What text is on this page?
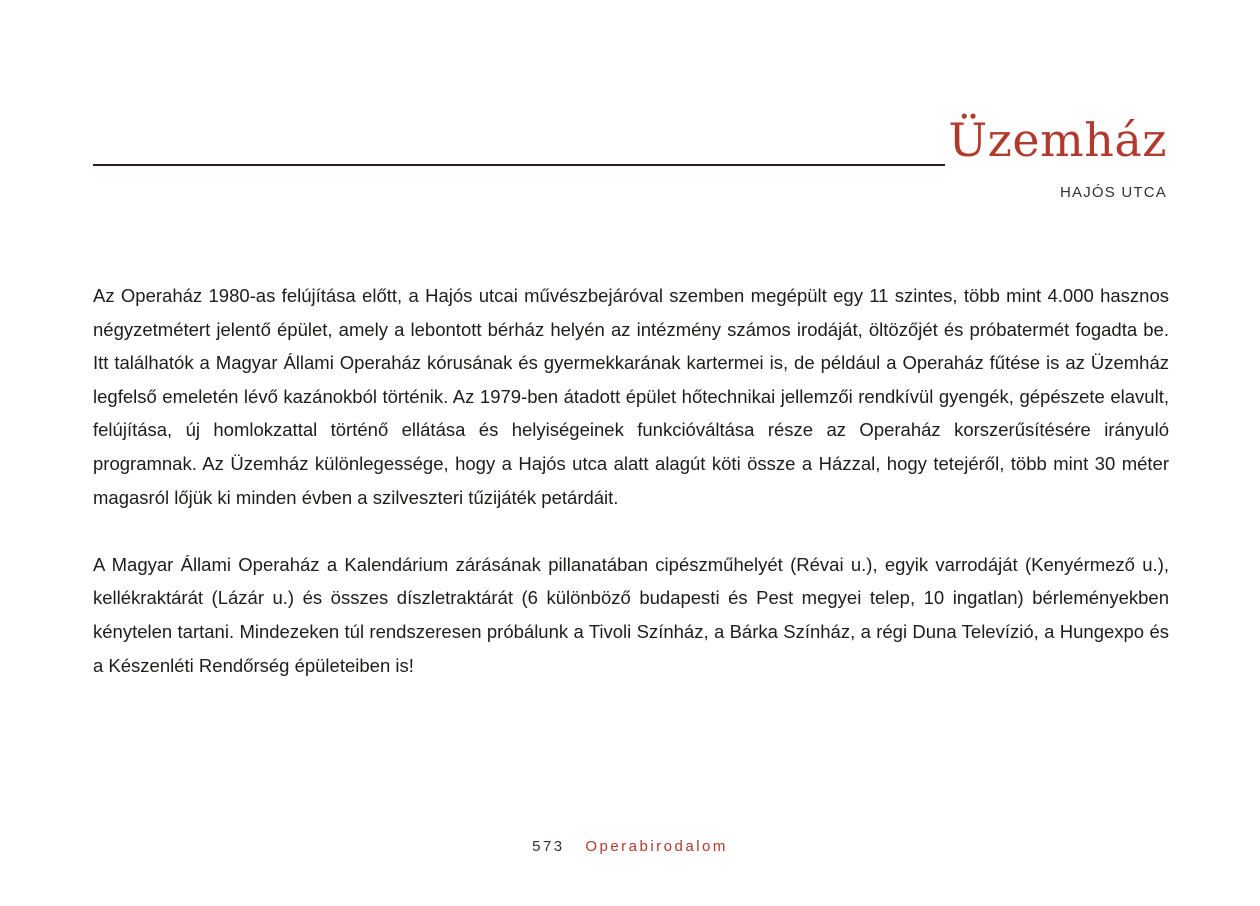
Üzemház
HAJÓS UTCA

Az Operaház 1980-as felújítása előtt, a Hajós utcai művészbejáróval szemben megépült egy 11 szintes, több mint 4.000 hasznos négyzetmétert jelentő épület, amely a lebontott bérház helyén az intézmény számos irodáját, öltözőjét és próbatermét fogadta be. Itt találhatók a Magyar Állami Operaház kórusának és gyermekkarának kartermei is, de például a Operaház fűtése is az Üzemház legfelső emeletén lévő kazánokból történik. Az 1979-ben átadott épület hőtechnikai jellemzői rendkívül gyengék, gépészete elavult, felújítása, új homlokzattal történő ellátása és helyiségeinek funkcióváltása része az Operaház korszerűsítésére irányuló programnak. Az Üzemház különlegessége, hogy a Hajós utca alatt alagút köti össze a Házzal, hogy tetejéről, több mint 30 méter magasról lőjük ki minden évben a szilveszteri tűzijáték petárdáit.

A Magyar Állami Operaház a Kalendárium zárásának pillanatában cipészműhelyét (Révai u.), egyik varrodáját (Kenyérmező u.), kellékraktárát (Lázár u.) és összes díszletraktárát (6 különböző budapesti és Pest megyei telep, 10 ingatlan) bérleményekben kénytelen tartani. Mindezeken túl rendszeresen próbálunk a Tivoli Színház, a Bárka Színház, a régi Duna Televízió, a Hungexpo és a Készenléti Rendőrség épületeiben is!

573 Operabirodalom
